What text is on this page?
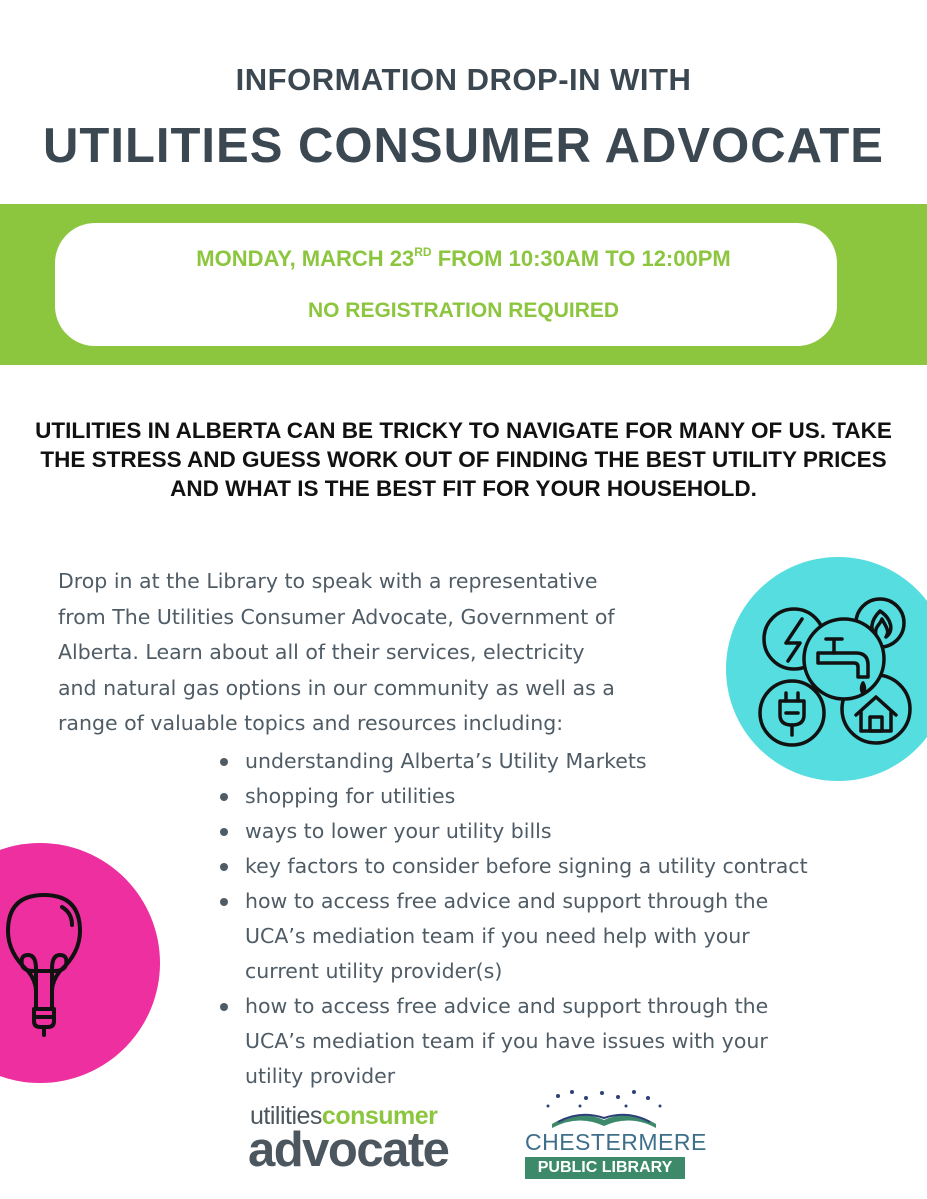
INFORMATION DROP-IN WITH
UTILITIES CONSUMER ADVOCATE
MONDAY, MARCH 23RD FROM 10:30AM TO 12:00PM
NO REGISTRATION REQUIRED
UTILITIES IN ALBERTA CAN BE TRICKY TO NAVIGATE FOR MANY OF US. TAKE THE STRESS AND GUESS WORK OUT OF FINDING THE BEST UTILITY PRICES AND WHAT IS THE BEST FIT FOR YOUR HOUSEHOLD.
Drop in at the Library to speak with a representative
from The Utilities Consumer Advocate, Government of
Alberta. Learn about all of their services, electricity
and natural gas options in our community as well as a
range of valuable topics and resources including:
understanding Alberta’s Utility Markets
shopping for utilities
ways to lower your utility bills
key factors to consider before signing a utility contract
how to access free advice and support through the
UCA’s mediation team if you need help with your
current utility provider(s)
how to access free advice and support through the
UCA’s mediation team if you have issues with your
utility provider
utilitiesconsumer
advocate	CHESTERMERE
PUBLIC LIBRARY
